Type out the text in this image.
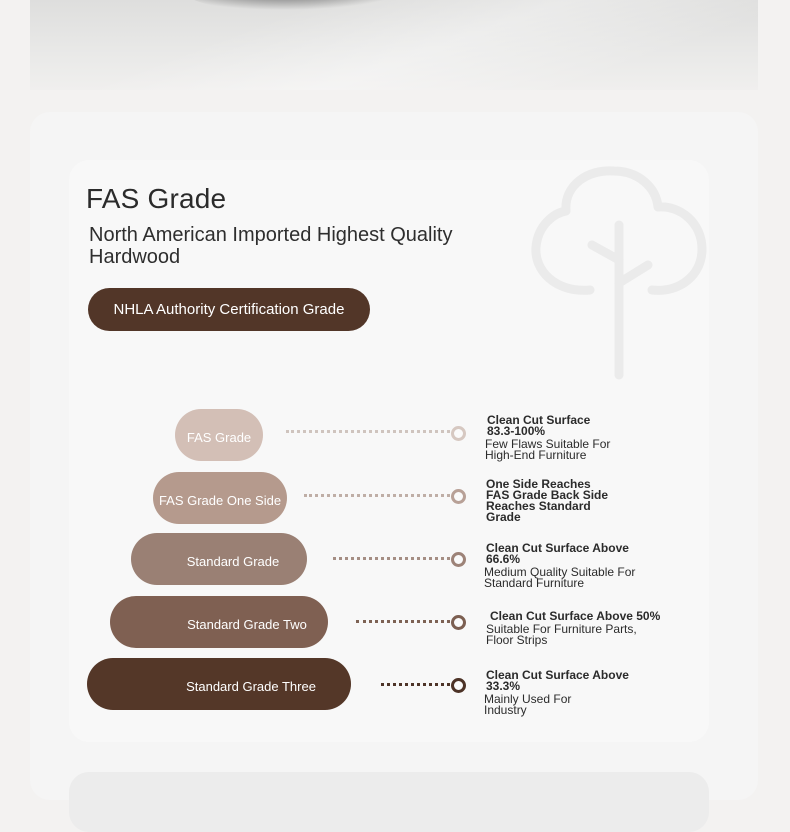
FAS Grade
North American Imported Highest Quality Hardwood
NHLA Authority Certification Grade
FAS Grade
Clean Cut Surface 83.3-100%
Few Flaws Suitable For High-End Furniture
FAS Grade One Side
One Side Reaches FAS Grade Back Side Reaches Standard Grade
Standard Grade
Clean Cut Surface Above 66.6%
Medium Quality Suitable For Standard Furniture
Standard Grade Two
Clean Cut Surface Above 50%
Suitable For Furniture Parts, Floor Strips
Standard Grade Three
Clean Cut Surface Above 33.3%
Mainly Used For Industry
